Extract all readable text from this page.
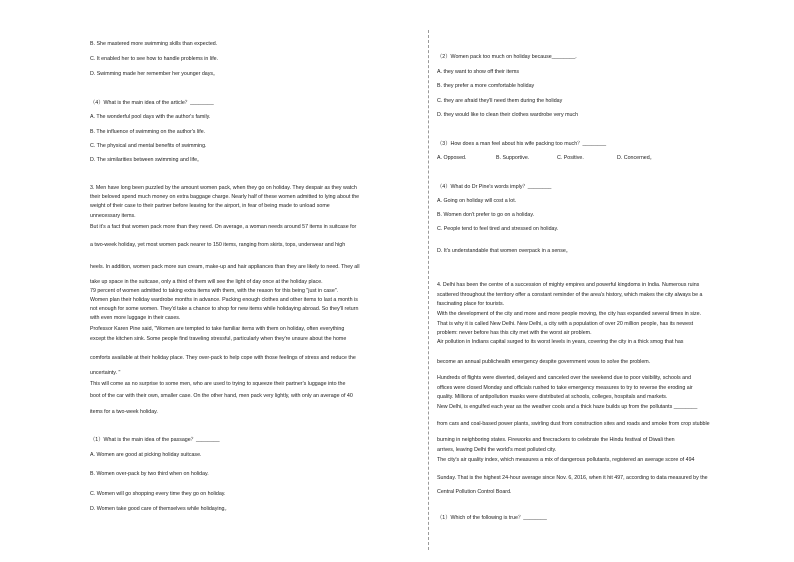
B. She mastered more swimming skills than expected.
C. It enabled her to see how to handle problems in life.
D. Swimming made her remember her younger days。
（4）What is the main idea of the article？________
A. The wonderful pool days with the author's family.
B. The influence of swimming on the author's life.
C. The physical and mental benefits of swimming.
D. The similarities between swimming and life。
3. Men have long been puzzled by the amount women pack, when they go on holiday. They despair as they watch
their beloved spend much money on extra baggage charge. Nearly half of these women admitted to lying about the
weight of their case to their partner before leaving for the airport, in fear of being made to unload some
unnecessary items.
But it's a fact that women pack more than they need. On average, a woman needs around 57 items in suitcase for
a two-week holiday, yet most women pack nearer to 150 items, ranging from skirts, tops, underwear and high
heels. In addition, women pack more sun cream, make-up and hair appliances than they are likely to need. They all
take up space in the suitcase, only a third of them will see the light of day once at the holiday place.
79 percent of women admitted to taking extra items with them, with the reason for this being "just in case".
Women plan their holiday wardrobe months in advance. Packing enough clothes and other items to last a month is
not enough for some women. They'd take a chance to shop for new items while holidaying abroad. So they'll return
with even more luggage in their cases.
Professor Karen Pine said, "Women are tempted to take familiar items with them on holiday, often everything
except the kitchen sink. Some people find traveling stressful, particularly when they're unsure about the home
comforts available at their holiday place. They over-pack to help cope with those feelings of stress and reduce the
uncertainty. "
This will come as no surprise to some men, who are used to trying to squeeze their partner's luggage into the
boot of the car with their own, smaller case. On the other hand, men pack very lightly, with only an average of 40
items for a two-week holiday.
（1）What is the main idea of the passage？________
A. Women are good at picking holiday suitcase.
B. Women over-pack by two third when on holiday.
C. Women will go shopping every time they go on holiday.
D. Women take good care of themselves while holidaying。
（2）Women pack too much on holiday because________.
A. they want to show off their items
B. they prefer a more comfortable holiday
C. they are afraid they'll need them during the holiday
D. they would like to clean their clothes wardrobe very much
（3）How does a man feel about his wife packing too much？________
A. Opposed.	B. Supportive.	C. Positive.	D. Concerned。
（4）What do Dr Pine's words imply？________
A. Going on holiday will cost a lot.
B. Women don't prefer to go on a holiday.
C. People tend to feel tired and stressed on holiday.
D. It's understandable that women overpack in a sense。
4. Delhi has been the centre of a succession of mighty empires and powerful kingdoms in India. Numerous ruins
scattered throughout the territory offer a constant reminder of the area's history, which makes the city always be a
fascinating place for tourists.
With the development of the city and more and more people moving, the city has expanded several times in size.
That is why it is called New Delhi. New Delhi, a city with a population of over 20 million people, has its newest
problem: never before has this city met with the worst air problem.
Air pollution in Indians capital surged to its worst levels in years, covering the city in a thick smog that has
become an annual publichealth emergency despite government vows to solve the problem.
Hundreds of flights were diverted, delayed and canceled over the weekend due to poor visibility, schools and
offices were closed Monday and officials rushed to take emergency measures to try to reverse the eroding air
quality. Millions of antipollution masks were distributed at schools, colleges, hospitals and markets.
New Delhi, is engulfed each year as the weather cools and a thick haze builds up from the pollutants ________
from cars and coal-based power plants, swirling dust from construction sites and roads and smoke from crop stubble
burning in neighboring states. Fireworks and firecrackers to celebrate the Hindu festival of Diwali then
arrives, leaving Delhi the world's most polluted city.
The city's air quality index, which measures a mix of dangerous pollutants, registered an average score of 494
Sunday. That is the highest 24-hour average since Nov. 6, 2016, when it hit 497, according to data measured by the
Central Pollution Control Board.
（1）Which of the following is true？________
